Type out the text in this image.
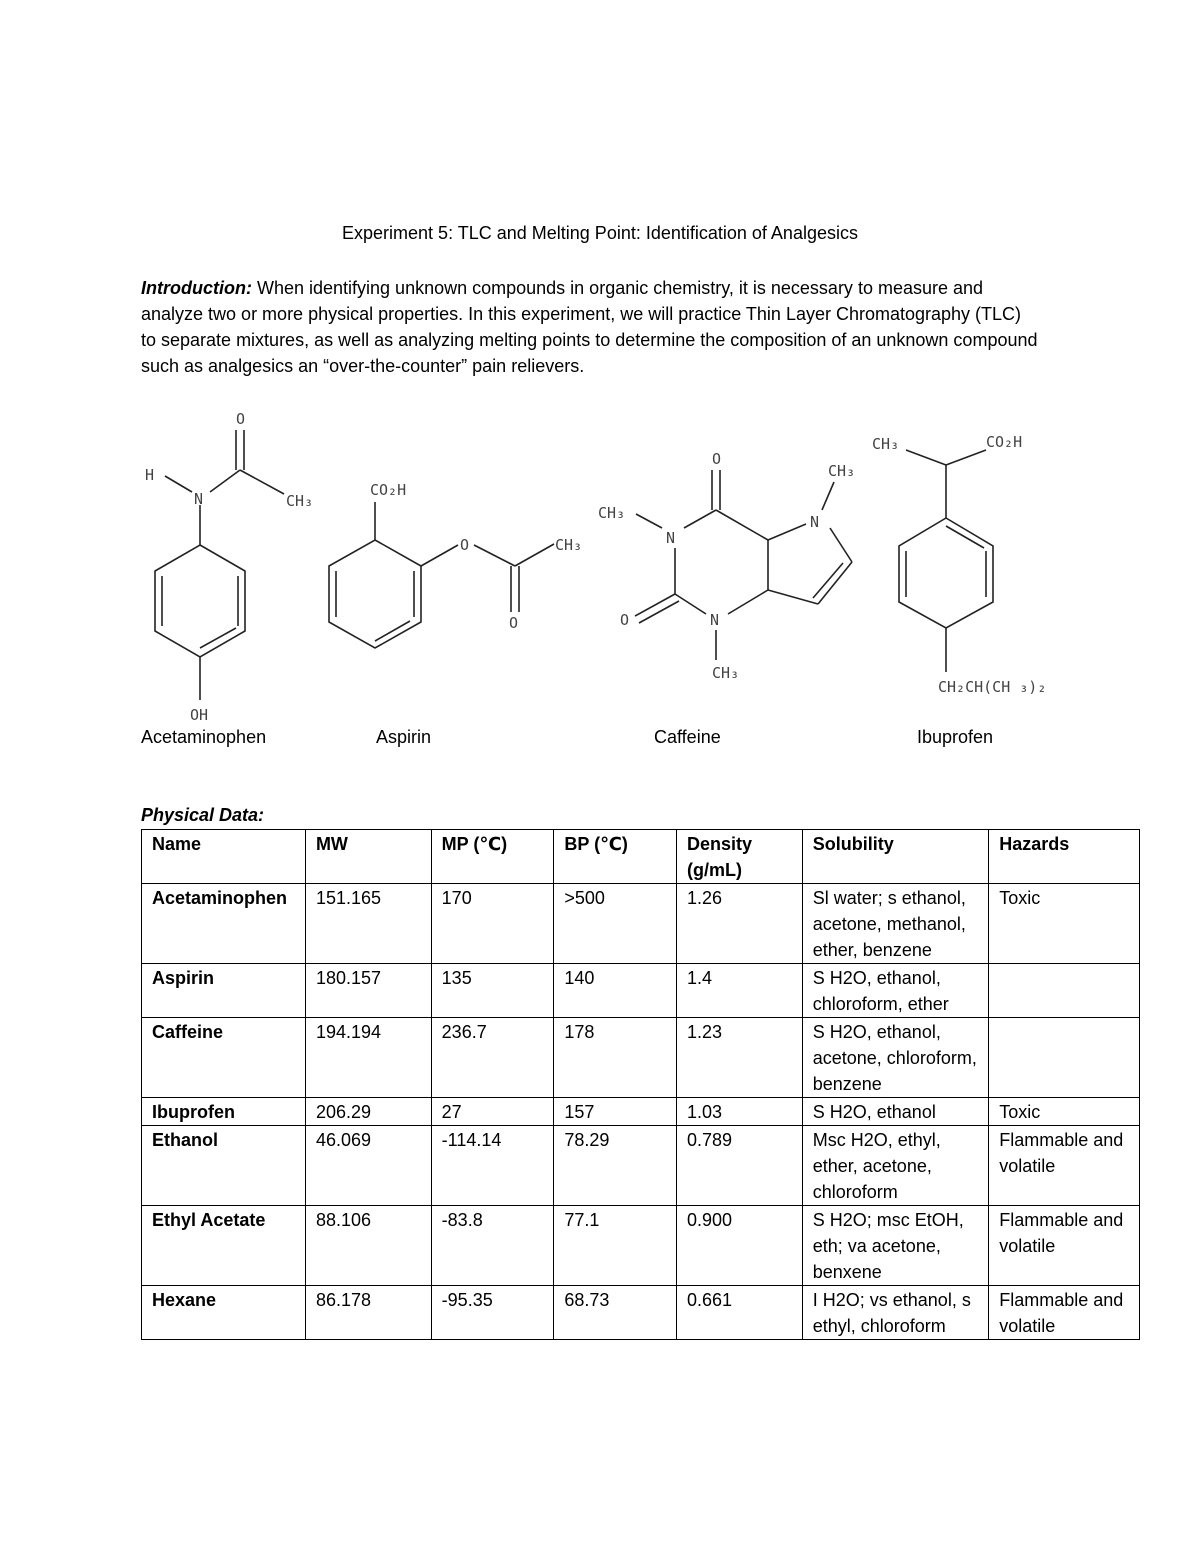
Experiment 5: TLC and Melting Point: Identification of Analgesics
Introduction: When identifying unknown compounds in organic chemistry, it is necessary to measure and analyze two or more physical properties. In this experiment, we will practice Thin Layer Chromatography (TLC) to separate mixtures, as well as analyzing melting points to determine the composition of an unknown compound such as analgesics an “over-the-counter” pain relievers.
O
H
N	CH₃
OH
CO₂H
O	CH₃
O
O
CH₃
CH₃
N
N
O	N
CH₃
CH₃	CO₂H
CH₂CH(CH ₃)₂
Acetaminophen	Aspirin	Caffeine	Ibuprofen
Physical Data:
Name	MW	MP (℃)	BP (℃)	Density (g/mL)	Solubility	Hazards
Acetaminophen	151.165	170	>500	1.26	Sl water; s ethanol, acetone, methanol, ether, benzene	Toxic
Aspirin	180.157	135	140	1.4	S H2O, ethanol, chloroform, ether	
Caffeine	194.194	236.7	178	1.23	S H2O, ethanol, acetone, chloroform, benzene	
Ibuprofen	206.29	27	157	1.03	S H2O, ethanol	Toxic
Ethanol	46.069	-114.14	78.29	0.789	Msc H2O, ethyl, ether, acetone, chloroform	Flammable and volatile
Ethyl Acetate	88.106	-83.8	77.1	0.900	S H2O; msc EtOH, eth; va acetone, benxene	Flammable and volatile
Hexane	86.178	-95.35	68.73	0.661	I H2O; vs ethanol, s ethyl, chloroform	Flammable and volatile
